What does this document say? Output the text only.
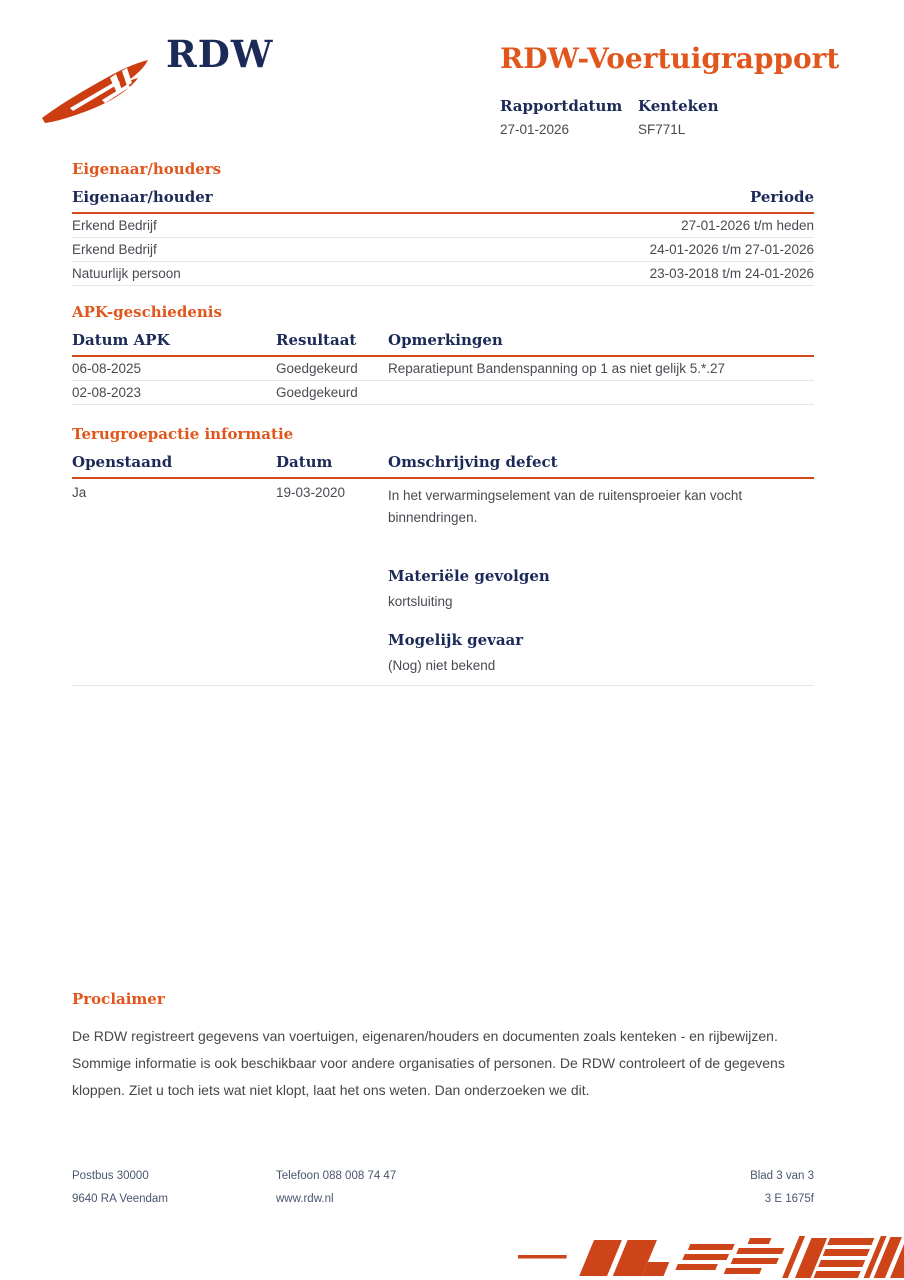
RDW	RDW-Voertuigrapport
Rapportdatum
27-01-2026
Kenteken
SF771L
Eigenaar/houders
Eigenaar/houder	Periode
Erkend Bedrijf	27-01-2026 t/m heden
Erkend Bedrijf	24-01-2026 t/m 27-01-2026
Natuurlijk persoon	23-03-2018 t/m 24-01-2026
APK-geschiedenis
Datum APK	Resultaat	Opmerkingen
06-08-2025	Goedgekeurd	Reparatiepunt Bandenspanning op 1 as niet gelijk 5.*.27
02-08-2023	Goedgekeurd
Terugroepactie informatie
Openstaand	Datum	Omschrijving defect
Ja	19-03-2020	In het verwarmingselement van de ruitensproeier kan vocht binnendringen.
Materiële gevolgen
kortsluiting
Mogelijk gevaar
(Nog) niet bekend
Proclaimer
De RDW registreert gegevens van voertuigen, eigenaren/houders en documenten zoals kenteken - en rijbewijzen. Sommige informatie is ook beschikbaar voor andere organisaties of personen. De RDW controleert of de gegevens kloppen. Ziet u toch iets wat niet klopt, laat het ons weten. Dan onderzoeken we dit.
Postbus 30000	Telefoon 088 008 74 47	Blad 3 van 3
9640 RA Veendam	www.rdw.nl	3 E 1675f
